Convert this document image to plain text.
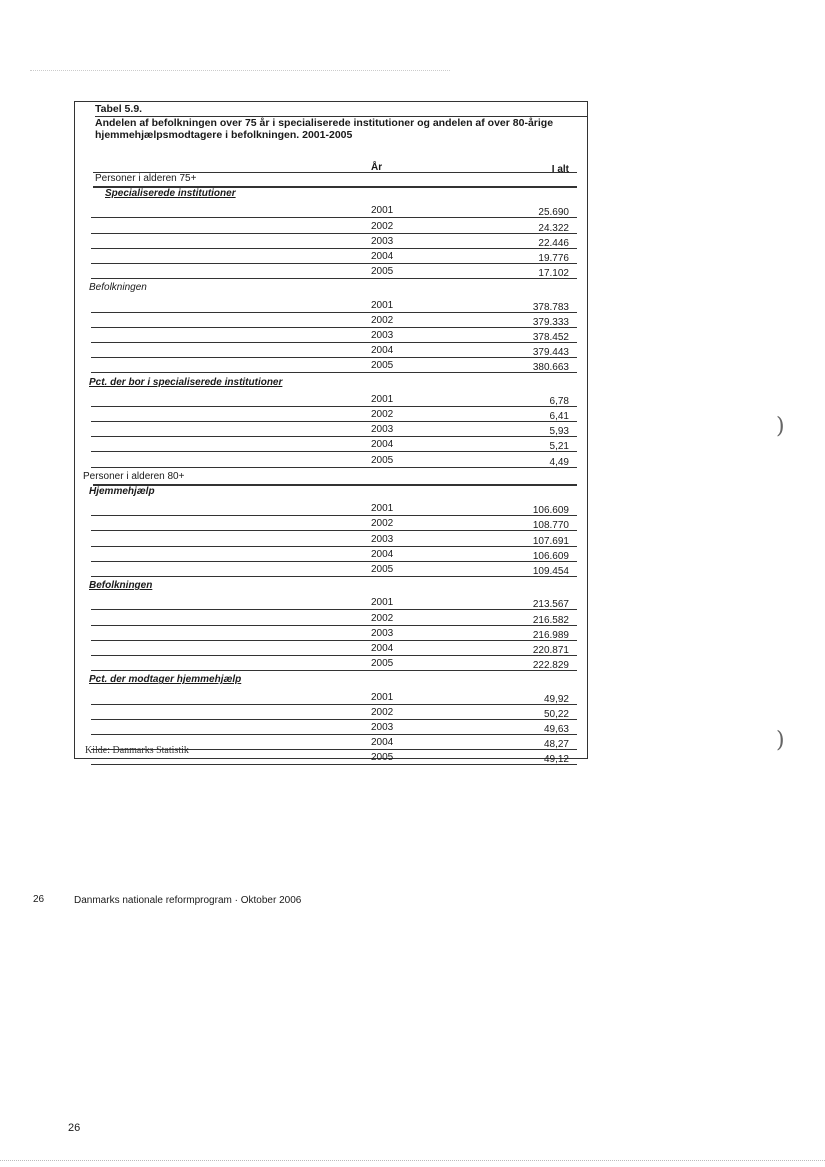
Tabel 5.9.
Andelen af befolkningen over 75 år i specialiserede institutioner og andelen af over 80-årige hjemmehjælpsmodtagere i befolkningen. 2001-2005
År	I alt
Personer i alderen 75+
Specialiserede institutioner
2001	25.690
2002	24.322
2003	22.446
2004	19.776
2005	17.102
Befolkningen
2001	378.783
2002	379.333
2003	378.452
2004	379.443
2005	380.663
Pct. der bor i specialiserede institutioner
2001	6,78
2002	6,41
2003	5,93
2004	5,21
2005	4,49
Personer i alderen 80+
Hjemmehjælp
2001	106.609
2002	108.770
2003	107.691
2004	106.609
2005	109.454
Befolkningen
2001	213.567
2002	216.582
2003	216.989
2004	220.871
2005	222.829
Pct. der modtager hjemmehjælp
2001	49,92
2002	50,22
2003	49,63
2004	48,27
2005	49,12
Kilde: Danmarks Statistik
26	Danmarks nationale reformprogram · Oktober 2006
26
)
)
